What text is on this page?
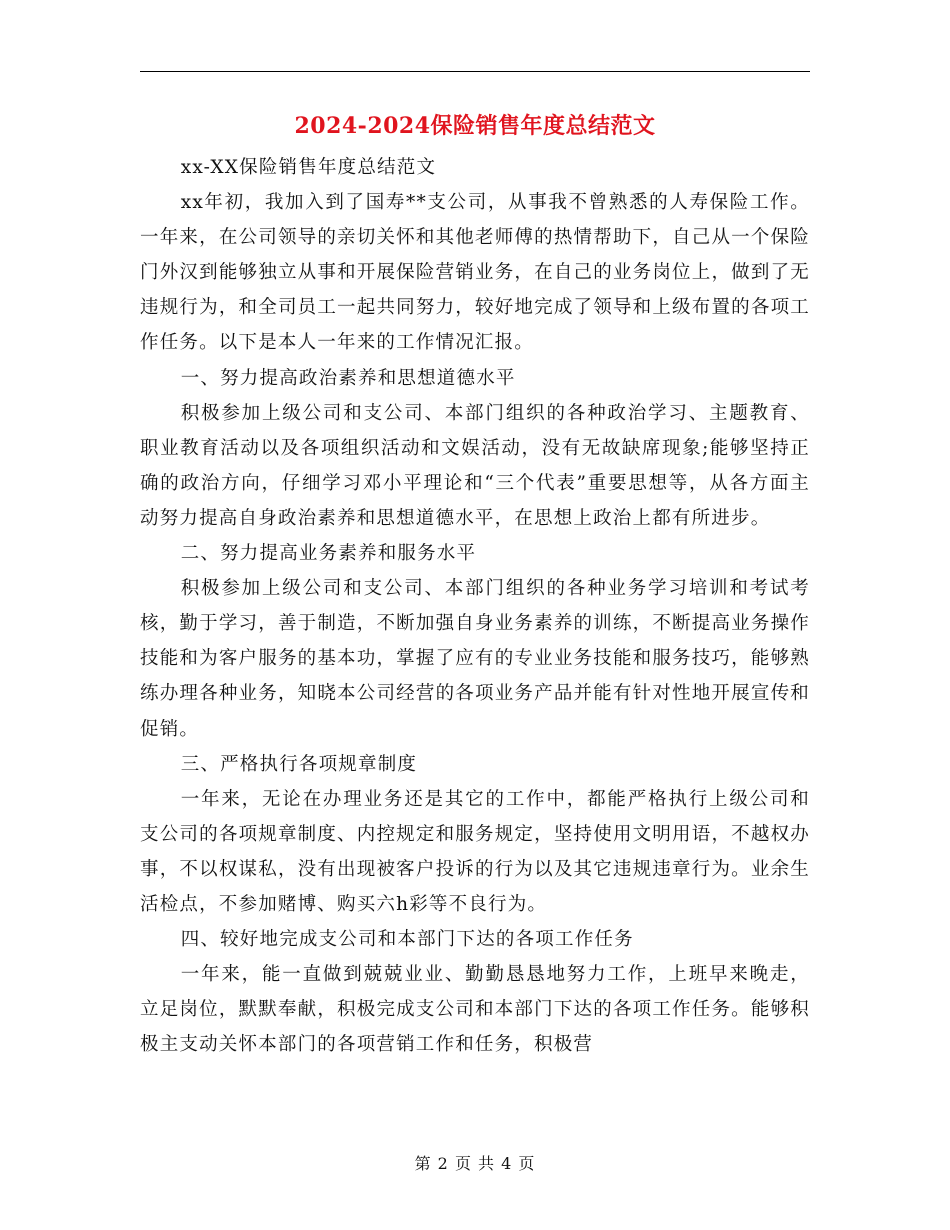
2024-2024保险销售年度总结范文

xx-XX保险销售年度总结范文

xx年初，我加入到了国寿**支公司，从事我不曾熟悉的人寿保险工作。一年来，在公司领导的亲切关怀和其他老师傅的热情帮助下，自己从一个保险门外汉到能够独立从事和开展保险营销业务，在自己的业务岗位上，做到了无违规行为，和全司员工一起共同努力，较好地完成了领导和上级布置的各项工作任务。以下是本人一年来的工作情况汇报。

一、努力提高政治素养和思想道德水平

积极参加上级公司和支公司、本部门组织的各种政治学习、主题教育、职业教育活动以及各项组织活动和文娱活动，没有无故缺席现象;能够坚持正确的政治方向，仔细学习邓小平理论和“三个代表”重要思想等，从各方面主动努力提高自身政治素养和思想道德水平，在思想上政治上都有所进步。

二、努力提高业务素养和服务水平

积极参加上级公司和支公司、本部门组织的各种业务学习培训和考试考核，勤于学习，善于制造，不断加强自身业务素养的训练，不断提高业务操作技能和为客户服务的基本功，掌握了应有的专业业务技能和服务技巧，能够熟练办理各种业务，知晓本公司经营的各项业务产品并能有针对性地开展宣传和促销。

三、严格执行各项规章制度

一年来，无论在办理业务还是其它的工作中，都能严格执行上级公司和支公司的各项规章制度、内控规定和服务规定，坚持使用文明用语，不越权办事，不以权谋私，没有出现被客户投诉的行为以及其它违规违章行为。业余生活检点，不参加赌博、购买六h彩等不良行为。

四、较好地完成支公司和本部门下达的各项工作任务

一年来，能一直做到兢兢业业、勤勤恳恳地努力工作，上班早来晚走，立足岗位，默默奉献，积极完成支公司和本部门下达的各项工作任务。能够积极主支动关怀本部门的各项营销工作和任务，积极营

第 2 页 共 4 页
